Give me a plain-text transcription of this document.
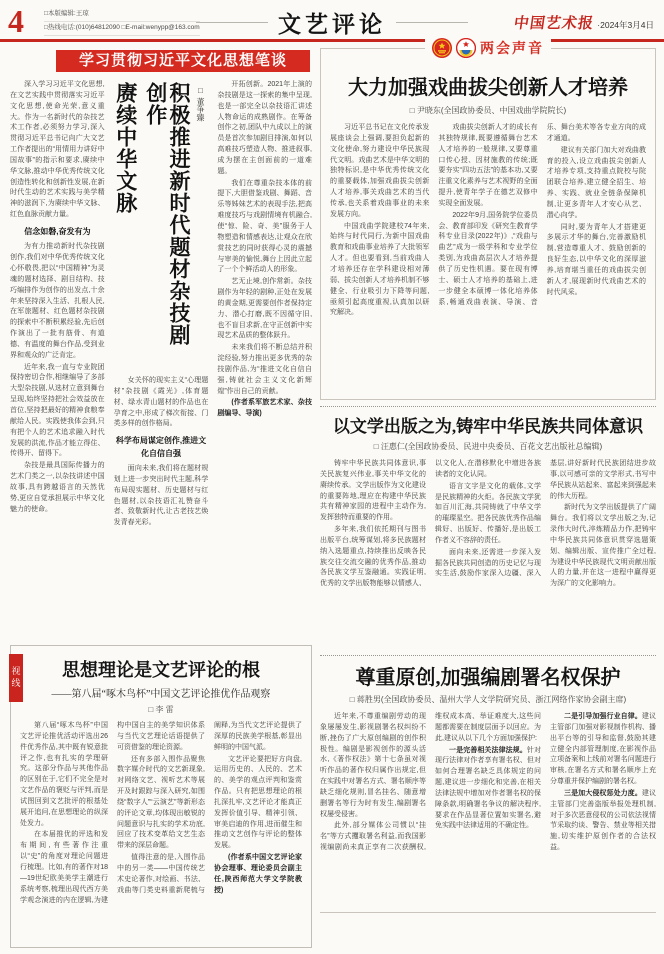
4	□本版编辑:王琼
□热线电话:(010)64812090 □E-mail:wenypp@163.com	文艺评论	中国艺术报 ·2024年3月4日
学习贯彻习近平文化思想笔谈

深入学习习近平文化思想,在文艺实践中贯彻落实习近平文化思想,使命光荣,意义重大。作为一名新时代的杂技艺术工作者,必须努力学习,深入贯彻习近平总书记向广大文艺工作者提出的“用情用力讲好中国故事”的指示和要求,赓续中华文脉,推动中华优秀传统文化创造性转化和创新性发展,在新时代生动的艺术实践与美学精神的滋润下,为赓续中华文脉、红色血脉贡献力量。

信念如磐,奋发有为

为有力推动新时代杂技剧创作,我们对中华优秀传统文化心怀敬畏,把以“中国精神”为灵魂的题材选择、剧目结构、技巧编排作为创作的出发点,十余年来坚持深入生活、扎根人民,在军旅题材、红色题材杂技剧的探索中不断积累经验,先后创作演出了一批有筋骨、有道德、有温度的舞台作品,受到业界和观众的广泛肯定。

近年来,我一直与专业院团保持密切合作,相继编导了多部大型杂技剧,从选材立意到舞台呈现,始终坚持把社会效益放在首位,坚持把最好的精神食粮奉献给人民。实践使我体会到,只有把个人的艺术追求融入时代发展的洪流,作品才能立得住、传得开、留得下。

杂技是最具国际传播力的艺术门类之一,以杂技讲述中国故事,具有跨越语言的天然优势,更应自觉承担展示中华文化魅力的使命。

□ 董争臻
积极推进新时代题材杂技剧创作
赓续中华文脉

女关怀的现实主义“心理题材”杂技剧《霞光》,体育题材、绿水青山题材的作品也在孕育之中,形成了梯次衔接、门类多样的创作格局。

科学布局谋定创作,推进文化自信自强

面向未来,我们将在题材规划上进一步突出时代主题,科学布局现实题材、历史题材与红色题材,以杂技语汇礼赞奋斗者、致敬新时代,让古老技艺焕发青春光彩。

开拓创新。2021年上演的杂技剧是这一探索的集中呈现,也是一部完全以杂技语汇讲述人物命运的成熟剧作。在筹备创作之初,团队中九成以上的演员是首次参加剧目排演,如何以高难技巧塑造人物、推进叙事,成为摆在主创面前的一道难题。

我们在尊重杂技本体的前提下,大胆借鉴戏剧、舞蹈、音乐等姊妹艺术的表现手法,把高难度技巧与戏剧情境有机融合,使“惊、险、奇、美”服务于人物塑造和情感表达,让观众在欣赏技艺的同时获得心灵的震撼与审美的愉悦,舞台上因此立起了一个个鲜活动人的形象。

艺无止境,创作常新。杂技剧作为年轻的剧种,正处在发展的黄金期,更需要创作者保持定力、潜心打磨,既不因循守旧,也不盲目求新,在守正创新中实现艺术品质的整体跃升。

未来我们将不断总结并积淀经验,努力推出更多优秀的杂技剧作品,为“推进文化自信自强,铸就社会主义文化新辉煌”作出自己的贡献。

(作者系军旅艺术家、杂技剧编导、导演)

视线	思想理论是文艺评论的根
——第八届“啄木鸟杯”中国文艺评论推优作品观察
□ 李 雷

第八届“啄木鸟杯”中国文艺评论推优活动评选出26件优秀作品,其中既有锐意批评之作,也有扎实的学理研究。这部分作品与其他作品的区别在于,它们不完全是对文艺作品的褒贬与评判,而是试图回到文艺批评的根基处展开追问,在思想理论的纵深处发力。

在本届推优的评选和发布期间,有些著作注重以“史”的角度对理论问题进行梳理。比如,有的著作对18—19世纪欧美美学主潮进行系统考察,梳理出现代西方美学观念演进的内在逻辑,为建构中国自主的美学知识体系与当代文艺理论话语提供了可资借鉴的理论资源。

还有多部入围作品聚焦数字媒介时代的文艺新现象,对网络文艺、视听艺术等展开及时跟踪与深入研究,如围绕“数字人”“云演艺”等新形态的评论文章,均体现出敏锐的问题意识与扎实的学术功底,回应了技术变革给文艺生态带来的深层命题。

值得注意的是,入围作品中的另一类——中国传统艺术史论著作,对绘画、书法、戏曲等门类史料重新爬梳与阐释,为当代文艺评论提供了深厚的民族美学根基,彰显出鲜明的中国气派。

文艺评论要把好方向盘,运用历史的、人民的、艺术的、美学的观点评判和鉴赏作品。只有把思想理论的根扎深扎牢,文艺评论才能真正发挥价值引导、精神引领、审美启迪的作用,进而催生和推动文艺创作与评论的整体发展。

(作者系中国文艺评论家协会理事、理论委员会副主任,陕西师范大学文学院教授)

两会声音
大力加强戏曲拔尖创新人才培养
□ 尹晓东(全国政协委员、中国戏曲学院院长)

习近平总书记在文化传承发展座谈会上强调,要担负起新的文化使命,努力建设中华民族现代文明。戏曲艺术是中华文明的独特标识,是中华优秀传统文化的重要载体,加强戏曲拔尖创新人才培养,事关戏曲艺术的当代传承,也关系着戏曲事业的未来发展方向。

中国戏曲学院建校74年来,始终与时代同行,为新中国戏曲教育和戏曲事业培养了大批领军人才。但也要看到,当前戏曲人才培养还存在学科建设相对薄弱、拔尖创新人才培养机制不够健全、行业吸引力下降等问题,亟须引起高度重视,认真加以研究解决。

戏曲拔尖创新人才的成长有其独特规律,既要遵循舞台艺术人才培养的一般规律,又要尊重口传心授、因材施教的传统;既要夯实“四功五法”的基本功,又要注重文化素养与艺术视野的全面提升,使青年学子在德艺双修中实现全面发展。

2022年9月,国务院学位委员会、教育部印发《研究生教育学科专业目录(2022年)》,“戏曲与曲艺”成为一级学科和专业学位类别,为戏曲高层次人才培养提供了历史性机遇。要在现有博士、硕士人才培养的基础上,进一步健全本硕博一体化培养体系,畅通戏曲表演、导演、音乐、舞台美术等各专业方向的成才通道。

建议有关部门加大对戏曲教育的投入,设立戏曲拔尖创新人才培养专项,支持重点院校与院团联合培养,建立健全招生、培养、实践、就业全链条保障机制,让更多青年人才安心从艺、潜心向学。

同时,要为青年人才搭建更多展示才华的舞台,完善激励机制,营造尊重人才、鼓励创新的良好生态,以中华文化的深厚滋养,培育堪当重任的戏曲拔尖创新人才,展现新时代戏曲艺术的时代风采。

以文学出版之为,铸牢中华民族共同体意识
□ 汪惠仁(全国政协委员、民进中央委员、百花文艺出版社总编辑)

铸牢中华民族共同体意识,事关民族复兴伟业,事关中华文化的赓续传承。文学出版作为文化建设的重要阵地,理应在构建中华民族共有精神家园的进程中主动作为,发挥独特而重要的作用。

多年来,我们依托期刊与图书出版平台,统筹谋划,将多民族题材纳入选题重点,持续推出反映各民族交往交流交融的优秀作品,推动各民族文学互鉴融通。实践证明,优秀的文学出版物能够以情感人、以文化人,在潜移默化中增进各族读者的文化认同。

语言文字是文化的载体,文学是民族精神的火炬。各民族文学犹如百川汇海,共同铸就了中华文学的璀璨星空。把各民族优秀作品编辑好、出版好、传播好,是出版工作者义不容辞的责任。

面向未来,还需进一步深入发掘各民族共同创造的历史记忆与现实生活,鼓励作家深入边疆、深入基层,讲好新时代民族团结进步故事,以可感可亲的文学形式,书写中华民族从站起来、富起来到强起来的伟大历程。

新时代为文学出版提供了广阔舞台。我们将以文学出版之为,记录伟大时代,淬炼精品力作,把铸牢中华民族共同体意识贯穿选题策划、编辑出版、宣传推广全过程,为建设中华民族现代文明贡献出版人的力量,并在这一进程中赢得更为深广的文化影响力。

尊重原创,加强编剧署名权保护
□ 蒋胜男(全国政协委员、温州大学人文学院研究员、浙江网络作家协会副主席)

近年来,不尊重编剧劳动的现象屡屡发生,影视剧署名权纠纷不断,挫伤了广大原创编剧的创作积极性。编剧是影视创作的源头活水,《著作权法》第十七条虽对视听作品的著作权归属作出规定,但在实践中对署名方式、署名顺序等缺乏细化规则,冒名挂名、随意增删署名等行为时有发生,编剧署名权屡受侵害。

此外,部分媒体公司惯以“挂名”等方式攫取署名利益,而我国影视编剧尚未真正享有二次获酬权,维权成本高、举证难度大,这些问题都需要在制度层面予以回应。为此,建议从以下几个方面加强保护:

一是完善相关法律法规。针对现行法律对作者享有署名权、但对如何合理署名缺乏具体规定的问题,建议进一步细化和完善,在相关法律法规中增加对作者署名权的保障条款,明确署名争议的解决程序,要求在作品显著位置如实署名,避免实践中法律适用的不确定性。

二是引导加强行业自律。建议主管部门加强对影视制作机构、播出平台等的引导和监督,鼓励其建立健全内部管理制度,在影视作品立项备案和上线前对署名问题进行审核,在署名方式和署名顺序上充分尊重并保护编剧的署名权。

三是加大侵权惩处力度。建议主管部门完善盗版举报处理机制,对于多次恶意侵权的公司依法视情节采取约谈、警告、禁业等相关措施,切实维护原创作者的合法权益。
